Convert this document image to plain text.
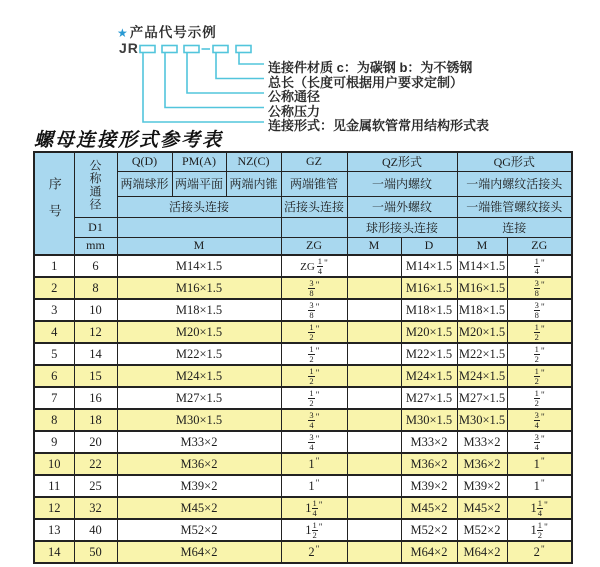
★产品代号示例
JR
连接件材质 c：为碳钢 b：为不锈钢
总长（长度可根据用户要求定制）
公称通径
公称压力
连接形式：见金属软管常用结构形式表
螺母连接形式参考表
序号	公称通径	Q(D)	PM(A)	NZ(C)	GZ	QZ形式		QG形式	
		两端球形	两端平面	两端内锥	两端锥管	一端内螺纹		一端内螺纹活接头	
		活接头连接			活接头连接	一端外螺纹		一端锥管螺纹接头	
	D1					球形接头连接		连接	
	mm	M			ZG	M	D	M	ZG
1	6	M14×1.5			ZG $\frac{1}{4} ^"$		M14×1.5	M14×1.5	$\frac{1}{4} ^"$
2	8	M16×1.5			$\frac{3}{8} ^"$		M16×1.5	M16×1.5	$\frac{3}{8} ^"$
3	10	M18×1.5			$\frac{3}{8} ^"$		M18×1.5	M18×1.5	$\frac{3}{8} ^"$
4	12	M20×1.5			$\frac{1}{2} ^"$		M20×1.5	M20×1.5	$\frac{1}{2} ^"$
5	14	M22×1.5			$\frac{1}{2} ^"$		M22×1.5	M22×1.5	$\frac{1}{2} ^"$
6	15	M24×1.5			$\frac{1}{2} ^"$		M24×1.5	M24×1.5	$\frac{1}{2} ^"$
7	16	M27×1.5			$\frac{1}{2} ^"$		M27×1.5	M27×1.5	$\frac{1}{2} ^"$
8	18	M30×1.5			$\frac{3}{4} ^"$		M30×1.5	M30×1.5	$\frac{3}{4} ^"$
9	20	M33×2			$\frac{3}{4} ^"$		M33×2	M33×2	$\frac{3}{4} ^"$
10	22	M36×2			1"		M36×2	M36×2	1"
11	25	M39×2			1"		M39×2	M39×2	1"
12	32	M45×2			$1 \frac{1}{4} ^"$		M45×2	M45×2	$1 \frac{1}{4} ^"$
13	40	M52×2			$1 \frac{1}{2} ^"$		M52×2	M52×2	$1 \frac{1}{2} ^"$
14	50	M64×2			2"		M64×2	M64×2	2"
